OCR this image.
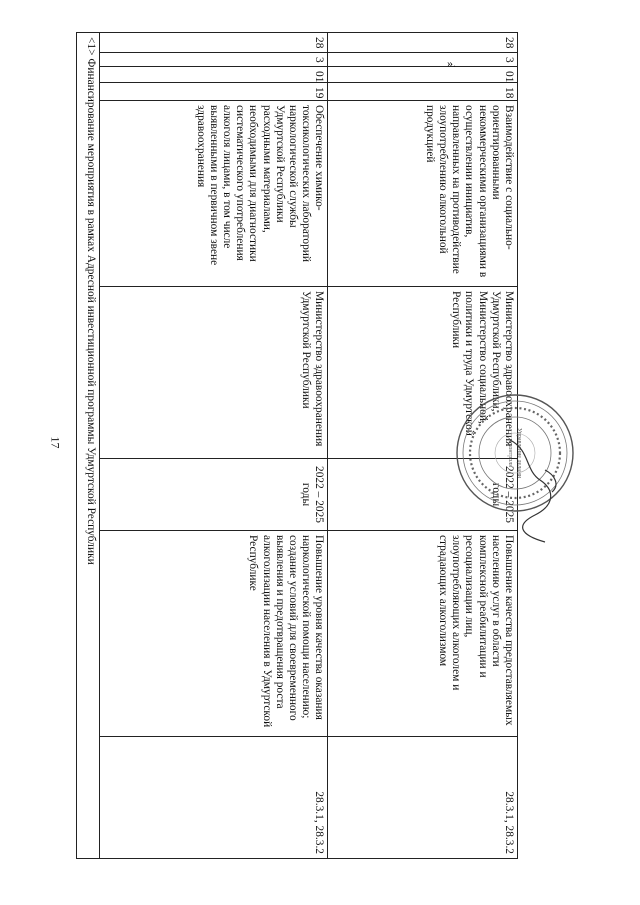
17
28	3	01	18	Взаимодействие с социально-ориентированными некоммерческими организациями в осуществлении инициатив, направленных на противодействие злоупотреблению алкогольной продукцией	Министерство здравоохранения Удмуртской Республики, Министерство социальной, политики и труда Удмуртской Республики	2022 – 2025 годы	Повышение качества предоставляемых населению услуг в области комплексной реабилитации и ресоциализации лиц, злоупотребляющих алкоголем и страдающих алкоголизмом	28.3.1, 28.3.2
28	3	01	19	Обеспечение химико-токсикологических лабораторий наркологической службы Удмуртской Республики расходными материалами, необходимыми для диагностики систематического употребления алкоголя лицами, в том числе выявленными в первичном звене здравоохранения	Министерство здравоохранения Удмуртской Республики	2022 – 2025 годы	Повышение уровня качества оказания наркологической помощи населению; создание условий для своевременного выявления и предотвращения роста алкоголизации населения в Удмуртской Республике	28.3.1, 28.3.2
<1> Финансирование мероприятия в рамках Адресной инвестиционной программы Удмуртской Республики									».
Управление делами
и контроля
